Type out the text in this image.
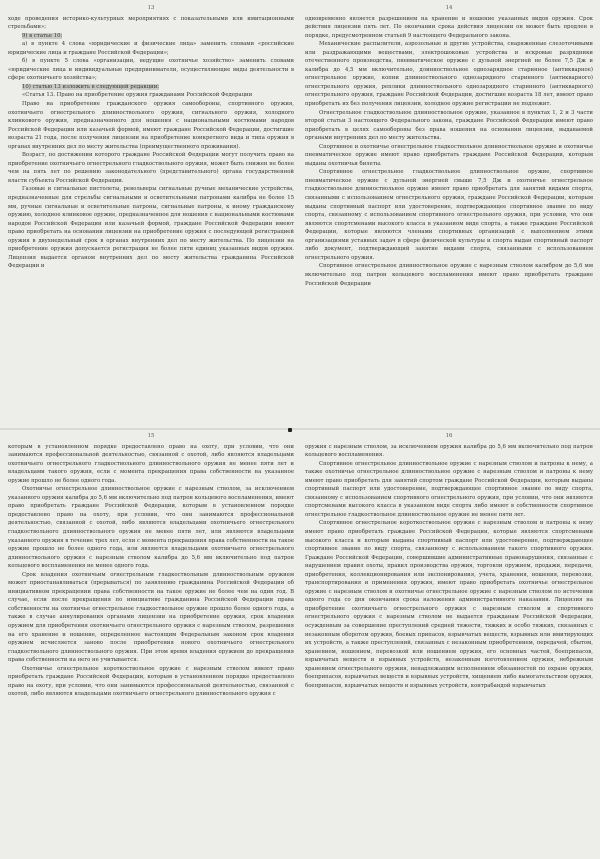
13

ходе проведения историко-культурных мероприятиях с показательными или имитационными стрельбами»;

9) в статье 10:

а) в пункте 4 слова «юридические и физические лица» заменить словами «российские юридические лица и граждане Российской Федерации»;

б) в пункте 5 слова «организации, ведущие охотничье хозяйство» заменить словами «юридические лица и индивидуальные предприниматели, осуществляющие виды деятельности в сфере охотничьего хозяйства»;

10) статью 13 изложить в следующей редакции:

«Статья 13. Право на приобретение оружия гражданами Российской Федерации

Право на приобретение гражданского оружия самообороны, спортивного оружия, охотничьего огнестрельного длинноствольного оружия, сигнального оружия, холодного клинкового оружия, предназначенного для ношения с национальными костюмами народов Российской Федерации или казачьей формой, имеют граждане Российской Федерации, достигшие возраста 21 года, после получения лицензии на приобретение конкретного вида и типа оружия в органах внутренних дел по месту жительства (преимущественного проживания).

Возраст, по достижении которого граждане Российской Федерации могут получить право на приобретение охотничьего огнестрельного гладкоствольного оружия, может быть снижен не более чем на пять лет по решению законодательного (представительного) органа государственной власти субъекта Российской Федерации.

Газовые и сигнальные пистолеты, револьверы сигнальные ручные механические устройства, предназначенные для стрельбы сигнальными и осветительными патронами калибра не более 15 мм, ручные сигнальные и осветительные патроны, сигнальные патроны, к иному гражданскому оружию, холодное клинковое оружие, предназначенное для ношения с национальными костюмами народов Российской Федерации или казачьей формой, граждане Российской Федерации имеют право приобретать на основании лицензии на приобретение оружия с последующей регистрацией оружия в двухнедельный срок в органах внутренних дел по месту жительства. По лицензии на приобретение оружия допускается регистрация не более пяти единиц указанных видов оружия. Лицензия выдается органом внутренних дел по месту жительства гражданина Российской Федерации и

14

одновременно является разрешением на хранение и ношение указанных видов оружия. Срок действия лицензии пять лет. По окончании срока действия лицензии он может быть продлен в порядке, предусмотренном статьей 9 настоящего Федерального закона.

Механические распылители, аэрозольные и другие устройства, снаряженные слезоточивыми или раздражающими веществами, электрошоковые устройства и искровые разрядники отечественного производства, пневматическое оружие с дульной энергией не более 7,5 Дж и калибра до 4,5 мм включительно, длинноствольное однозарядное старинное (антикварное) огнестрельное оружие, копии длинноствольного однозарядного старинного (антикварного) огнестрельного оружия, реплики длинноствольного однозарядного старинного (антикварного) огнестрельного оружия, граждане Российской Федерации, достигшие возраста 18 лет, имеют право приобретать их без получения лицензии, холодное оружие регистрации не подлежит.

Огнестрельное гладкоствольное длинноствольное оружие, указанное в пунктах 1, 2 и 3 части второй статьи 3 настоящего Федерального закона, граждане Российской Федерации имеют право приобретать в целях самообороны без права ношения на основании лицензии, выдаваемой органами внутренних дел по месту жительства.

Спортивное и охотничье огнестрельное гладкоствольное длинноствольное оружие и охотничье пневматическое оружие имеют право приобретать граждане Российской Федерации, которым выданы охотничьи билеты.

Спортивное огнестрельное гладкоствольное длинноствольное оружие, спортивное пневматическое оружие с дульной энергией свыше 7,5 Дж и охотничье огнестрельное гладкоствольное длинноствольное оружие имеют право приобретать для занятий видами спорта, связанными с использованием огнестрельного оружия, граждане Российской Федерации, которым выданы спортивный паспорт или удостоверение, подтверждающее спортивное звание по виду спорта, связанному с использованием спортивного огнестрельного оружия, при условии, что они являются спортсменами высокого класса в указанном виде спорта, а также граждане Российской Федерации, которые являются членами спортивных организаций с выполнением этими организациями уставных задач в сфере физической культуры и спорта выдан спортивный паспорт либо документ, подтверждающий занятие видами спорта, связанными с использованием огнестрельного оружия.

Спортивное огнестрельное длинноствольное оружие с нарезным стволом калибром до 5,6 мм включительно под патрон кольцевого воспламенения имеют право приобретать граждане Российской Федерации

15

которым в установленном порядке предоставлено право на охоту, при условии, что они занимаются профессиональной деятельностью, связанной с охотой, либо являются владельцами охотничьего огнестрельного гладкоствольного длинноствольного оружия не менее пяти лет и владельцами такого оружия, если с момента прекращения права собственности на указанное оружие прошло не более одного года.

Охотничье огнестрельное длинноствольное оружие с нарезным стволом, за исключением указанного оружия калибра до 5,6 мм включительно под патрон кольцевого воспламенения, имеют право приобретать граждане Российской Федерации, которым в установленном порядке предоставлено право на охоту, при условии, что они занимаются профессиональной деятельностью, связанной с охотой, либо являются владельцами охотничьего огнестрельного гладкоствольного длинноствольного оружия не менее пяти лет, или являются владельцами указанного оружия в течение трех лет, если с момента прекращения права собственности на такое оружие прошло не более одного года, или являются владельцами охотничьего огнестрельного длинноствольного оружия с нарезным стволом калибра до 5,6 мм включительно под патрон кольцевого воспламенения не менее одного года.

Срок владения охотничьим огнестрельным гладкоствольным длинноствольным оружием может приостанавливаться (прерываться) по заявлению гражданина Российской Федерации об инициативном прекращении права собственности на такое оружие не более чем на один год. В случае, если после прекращения по инициативе гражданина Российской Федерации права собственности на охотничье огнестрельное гладкоствольное оружие прошло более одного года, а также в случае аннулирования органами лицензии на приобретение оружия, срок владения оружием для приобретения охотничьего огнестрельного оружия с нарезным стволом, разрешения на его хранение и ношение, определенное настоящим Федеральным законом срок владения оружием исчисляется заново после приобретения нового охотничьего огнестрельного гладкоствольного длинноствольного оружия. При этом время владения оружием до прекращения права собственности на него не учитывается.

Охотничье огнестрельное короткоствольное оружие с нарезным стволом имеют право приобретать граждане Российской Федерации, которым в установленном порядке предоставлено право на охоту, при условии, что они занимаются профессиональной деятельностью, связанной с охотой, либо являются владельцами охотничьего огнестрельного длинноствольного оружия с

16

оружия с нарезным стволом, за исключением оружия калибра до 5,6 мм включительно под патрон кольцевого воспламенения.

Спортивное огнестрельное длинноствольное оружие с нарезным стволом и патроны к нему, а также охотничье огнестрельное длинноствольное оружие с нарезным стволом и патроны к нему имеют право приобретать для занятий спортом граждане Российской Федерации, которым выданы спортивный паспорт или удостоверение, подтверждающее спортивное звание по виду спорта, связанному с использованием спортивного огнестрельного оружия, при условии, что они являются спортсменами высокого класса в указанном виде спорта либо имеют в собственности спортивное огнестрельное гладкоствольное длинноствольное оружие не менее пяти лет.

Спортивное огнестрельное короткоствольное оружие с нарезным стволом и патроны к нему имеют право приобретать граждане Российской Федерации, которые являются спортсменами высокого класса и которым выданы спортивный паспорт или удостоверение, подтверждающее спортивное звание по виду спорта, связанному с использованием такого спортивного оружия. Граждане Российской Федерации, совершившие административные правонарушения, связанные с нарушением правил охоты, правил производства оружия, торговли оружием, продажи, передачи, приобретения, коллекционирования или экспонирования, учета, хранения, ношения, перевозки, транспортирования и применения оружия, имеют право приобретать охотничье огнестрельное оружие с нарезным стволом и охотничье огнестрельное оружие с нарезным стволом по истечении одного года со дня окончания срока наложения административного наказания. Лицензия на приобретение охотничьего огнестрельного оружия с нарезным стволом и спортивного огнестрельного оружия с нарезным стволом не выдается гражданам Российской Федерации, осужденным за совершение преступлений средней тяжести, тяжких и особо тяжких, связанных с незаконным оборотом оружия, боевых припасов, взрывчатых веществ, взрывных или имитирующих их устройств, а также преступлений, связанных с незаконным приобретением, передачей, сбытом, хранением, ношением, перевозкой или ношением оружия, его основных частей, боеприпасов, взрывчатых веществ и взрывных устройств, незаконным изготовлением оружия, небрежным хранением огнестрельного оружия, ненадлежащим исполнением обязанностей по охране оружия, боеприпасов, взрывчатых веществ и взрывных устройств, хищением либо вымогательством оружия, боеприпасов, взрывчатых веществ и взрывных устройств, контрабандой взрывчатых
